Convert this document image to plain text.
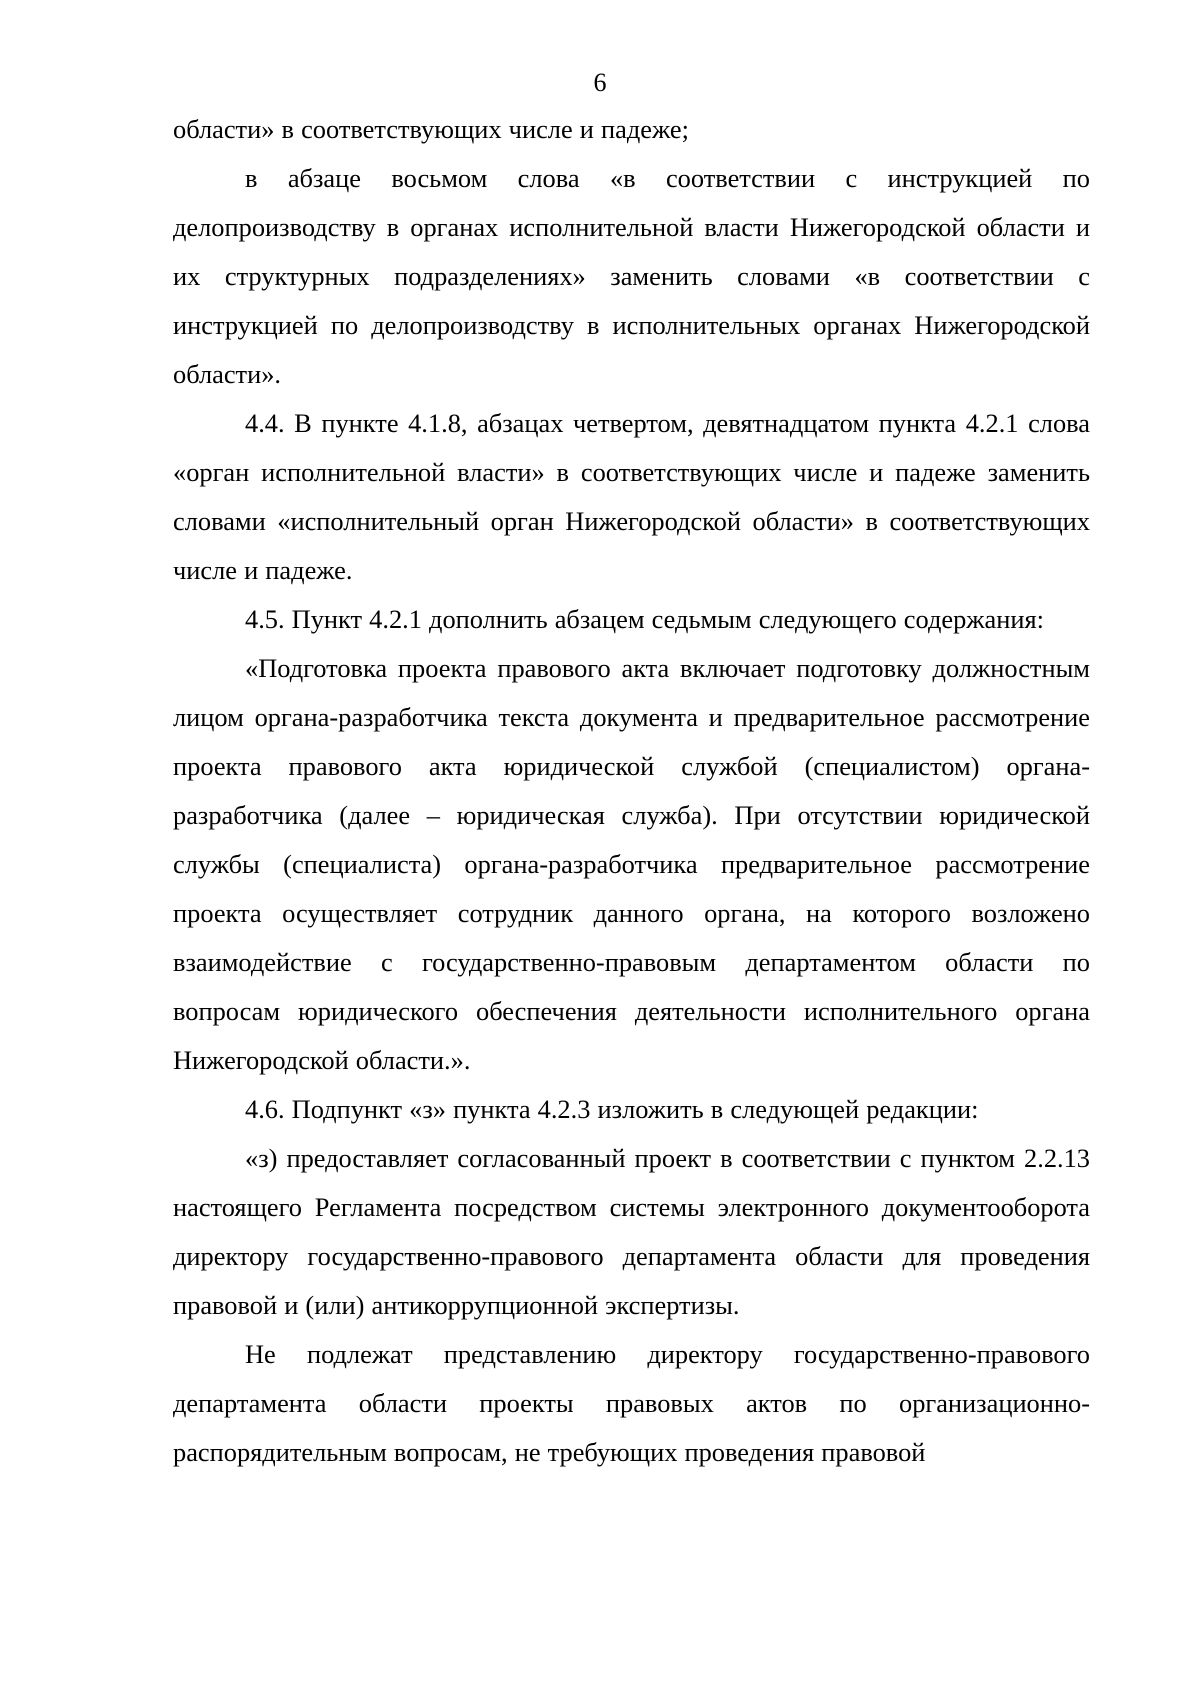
6

области» в соответствующих числе и падеже;

в абзаце восьмом слова «в соответствии с инструкцией по делопроизводству в органах исполнительной власти Нижегородской области и их структурных подразделениях» заменить словами «в соответствии с инструкцией по делопроизводству в исполнительных органах Нижегородской области».

4.4. В пункте 4.1.8, абзацах четвертом, девятнадцатом пункта 4.2.1 слова «орган исполнительной власти» в соответствующих числе и падеже заменить словами «исполнительный орган Нижегородской области» в соответствующих числе и падеже.

4.5. Пункт 4.2.1 дополнить абзацем седьмым следующего содержания:

«Подготовка проекта правового акта включает подготовку должностным лицом органа-разработчика текста документа и предварительное рассмотрение проекта правового акта юридической службой (специалистом) органа-разработчика (далее – юридическая служба). При отсутствии юридической службы (специалиста) органа-разработчика предварительное рассмотрение проекта осуществляет сотрудник данного органа, на которого возложено взаимодействие с государственно-правовым департаментом области по вопросам юридического обеспечения деятельности исполнительного органа Нижегородской области.».

4.6. Подпункт «з» пункта 4.2.3 изложить в следующей редакции:

«з) предоставляет согласованный проект в соответствии с пунктом 2.2.13 настоящего Регламента посредством системы электронного документооборота директору государственно-правового департамента области для проведения правовой и (или) антикоррупционной экспертизы.

Не подлежат представлению директору государственно-правового департамента области проекты правовых актов по организационно-распорядительным вопросам, не требующих проведения правовой
